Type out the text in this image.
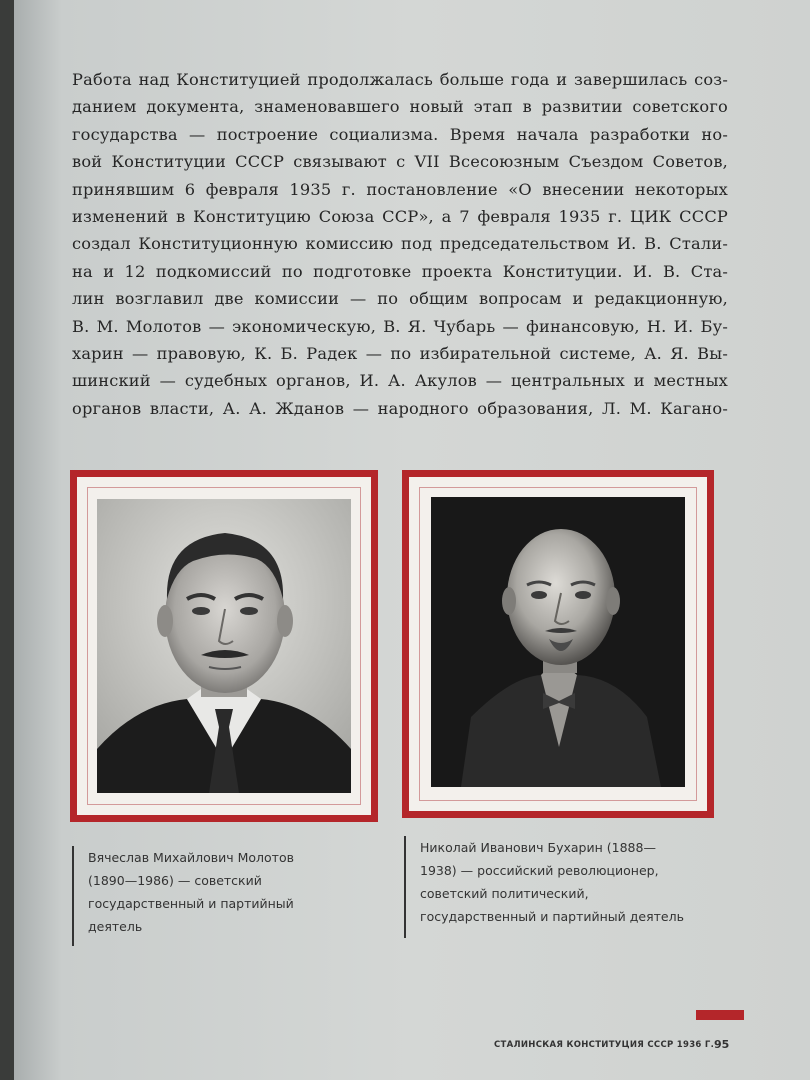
Работа над Конституцией продолжалась больше года и завершилась соз-
данием документа, знаменовавшего новый этап в развитии советского
государства — построение социализма. Время начала разработки но-
вой Конституции СССР связывают с VII Всесоюзным Съездом Советов,
принявшим 6 февраля 1935 г. постановление «О внесении некоторых
изменений в Конституцию Союза ССР», а 7 февраля 1935 г. ЦИК СССР
создал Конституционную комиссию под председательством И. В. Стали-
на и 12 подкомиссий по подготовке проекта Конституции. И. В. Ста-
лин возглавил две комиссии — по общим вопросам и редакционную,
В. М. Молотов — экономическую, В. Я. Чубарь — финансовую, Н. И. Бу-
харин — правовую, К. Б. Радек — по избирательной системе, А. Я. Вы-
шинский — судебных органов, И. А. Акулов — центральных и местных
органов власти, А. А. Жданов — народного образования, Л. М. Кагано-
Вячеслав Михайлович Молотов
(1890—1986) — советский
государственный и партийный
деятель
Николай Иванович Бухарин (1888—
1938) — российский революционер,
советский политический,
государственный и партийный деятель
СТАЛИНСКАЯ КОНСТИТУЦИЯ СССР 1936 Г. 95
